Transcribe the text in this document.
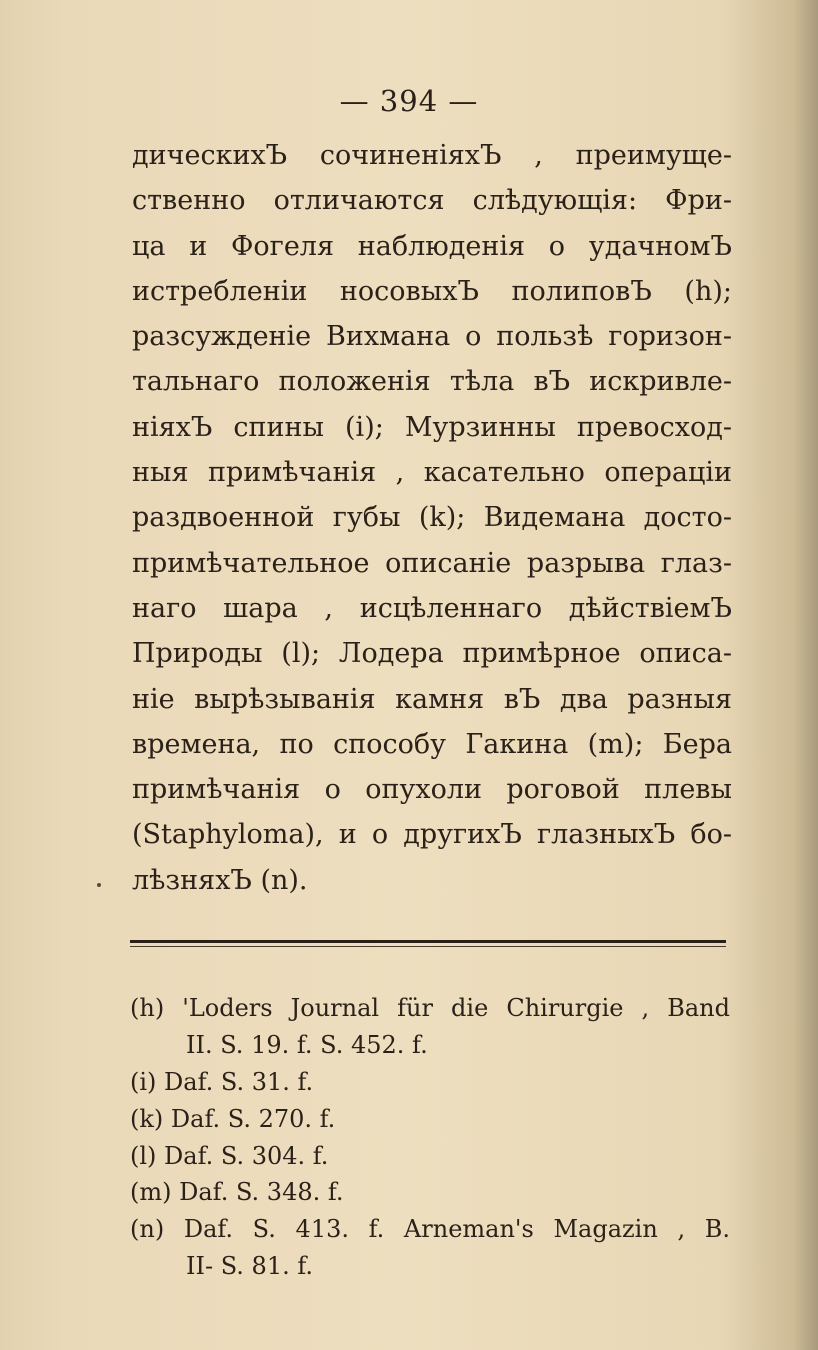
— 394 —
дическихЪ сочиненiяхЪ , преимуще-
ственно отличаются слѣдующiя: Фри-
ца и Фогеля наблюденiя о удачномЪ
истребленiи носовыхЪ полиповЪ (h);
разсужденiе Вихмана о пользѣ горизон-
тальнаго положенiя тѣла вЪ искривле-
нiяхЪ спины (i); Мурзинны превосход-
ныя примѣчанiя , касательно операцiи
раздвоенной губы (k); Видемана досто-
примѣчательное описанiе разрыва глаз-
наго шара , исцѣленнаго дѣйствiемЪ
Природы (l); Лодера примѣрное описа-
нiе вырѣзыванiя камня вЪ два разныя
времена, по способу Гакина (m); Бера
примѣчанiя о опухоли роговой плевы
(Staphyloma), и о другихЪ глазныхЪ бо-
лѣзняхЪ (n).
(h) 'Loders Journal für die Chirurgie , Band
II. S. 19. f. S. 452. f.
(i) Daf. S. 31. f.
(k) Daf. S. 270. f.
(l) Daf. S. 304. f.
(m) Daf. S. 348. f.
(n) Daf. S. 413. f. Arneman's Magazin , B.
II- S. 81. f.
